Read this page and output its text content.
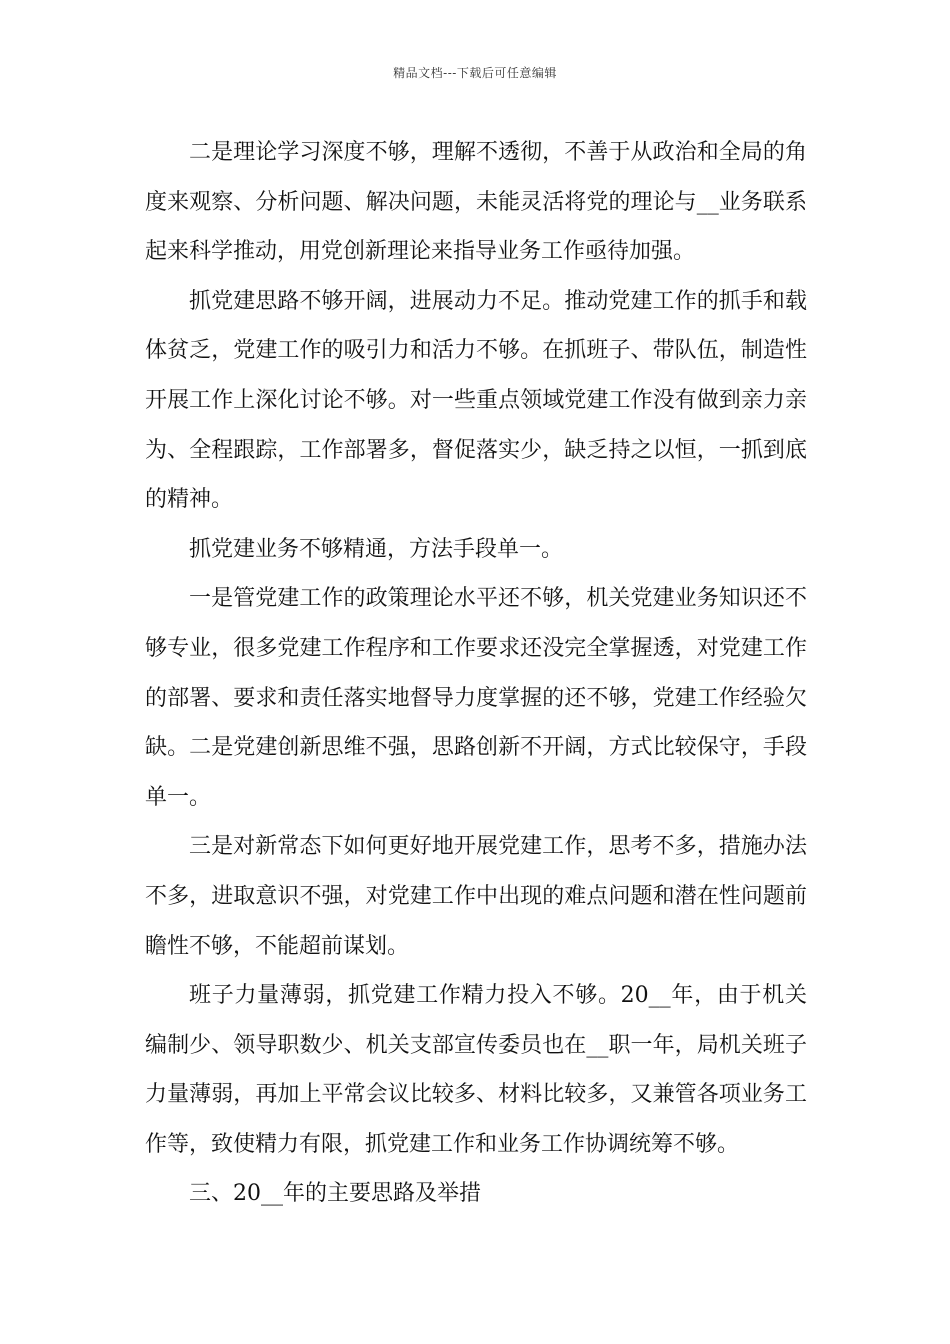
精品文档---下载后可任意编辑

二是理论学习深度不够，理解不透彻，不善于从政治和全局的角度来观察、分析问题、解决问题，未能灵活将党的理论与__业务联系起来科学推动，用党创新理论来指导业务工作亟待加强。

抓党建思路不够开阔，进展动力不足。推动党建工作的抓手和载体贫乏，党建工作的吸引力和活力不够。在抓班子、带队伍，制造性开展工作上深化讨论不够。对一些重点领域党建工作没有做到亲力亲为、全程跟踪，工作部署多，督促落实少，缺乏持之以恒，一抓到底的精神。

抓党建业务不够精通，方法手段单一。

一是管党建工作的政策理论水平还不够，机关党建业务知识还不够专业，很多党建工作程序和工作要求还没完全掌握透，对党建工作的部署、要求和责任落实地督导力度掌握的还不够，党建工作经验欠缺。二是党建创新思维不强，思路创新不开阔，方式比较保守，手段单一。

三是对新常态下如何更好地开展党建工作，思考不多，措施办法不多，进取意识不强，对党建工作中出现的难点问题和潜在性问题前瞻性不够，不能超前谋划。

班子力量薄弱，抓党建工作精力投入不够。20__年，由于机关编制少、领导职数少、机关支部宣传委员也在__职一年，局机关班子力量薄弱，再加上平常会议比较多、材料比较多，又兼管各项业务工作等，致使精力有限，抓党建工作和业务工作协调统筹不够。

三、20__年的主要思路及举措
